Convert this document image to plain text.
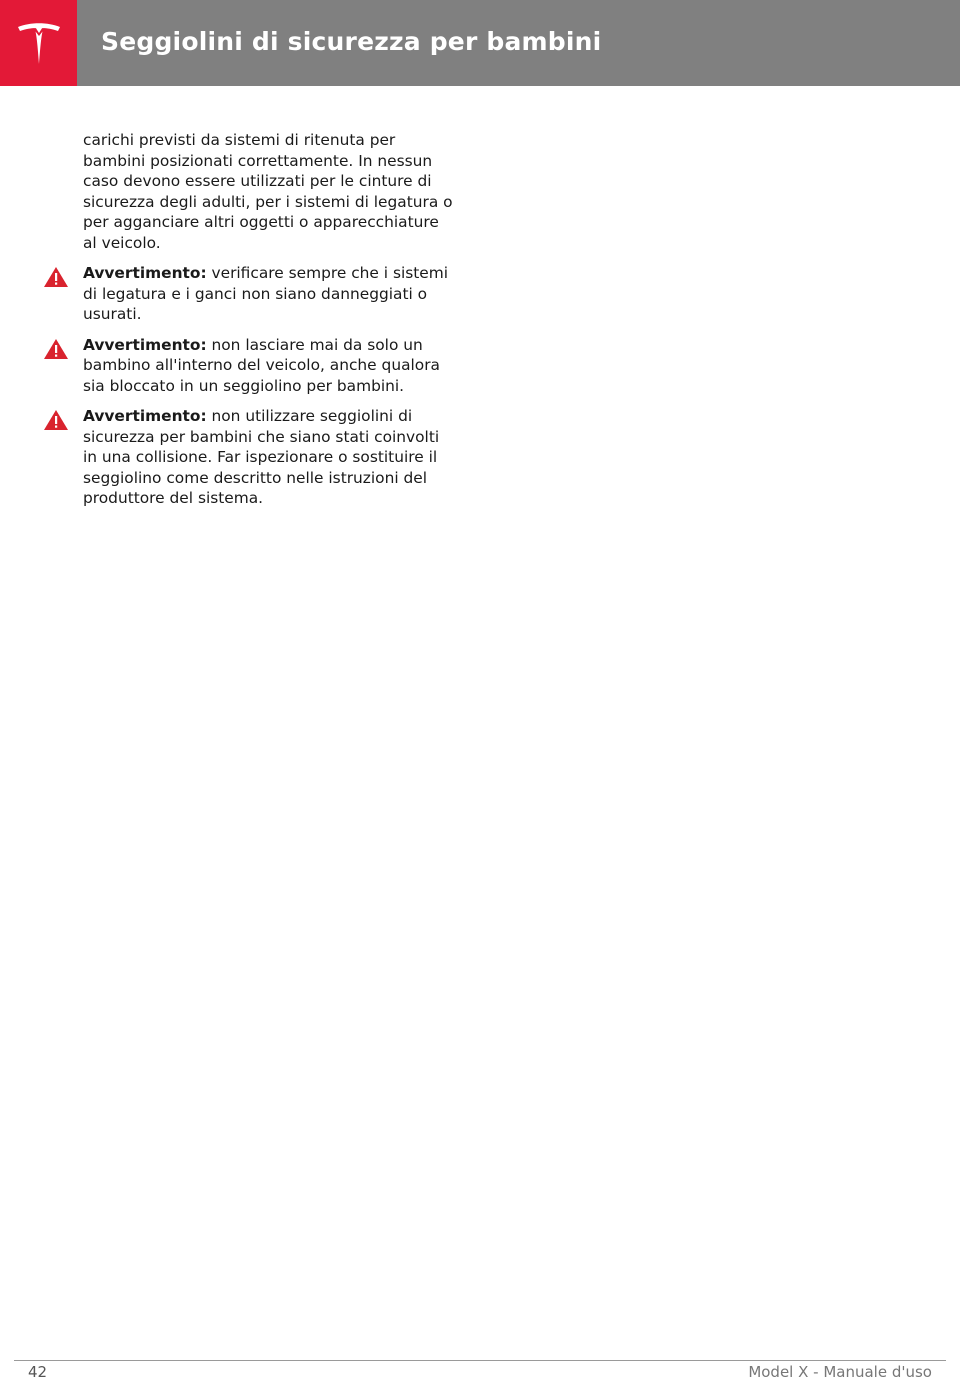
Seggiolini di sicurezza per bambini

carichi previsti da sistemi di ritenuta per bambini posizionati correttamente. In nessun caso devono essere utilizzati per le cinture di sicurezza degli adulti, per i sistemi di legatura o per agganciare altri oggetti o apparecchiature al veicolo.

Avvertimento: verificare sempre che i sistemi di legatura e i ganci non siano danneggiati o usurati.
Avvertimento: non lasciare mai da solo un bambino all'interno del veicolo, anche qualora sia bloccato in un seggiolino per bambini.
Avvertimento: non utilizzare seggiolini di sicurezza per bambini che siano stati coinvolti in una collisione. Far ispezionare o sostituire il seggiolino come descritto nelle istruzioni del produttore del sistema.
42	Model X - Manuale d'uso
